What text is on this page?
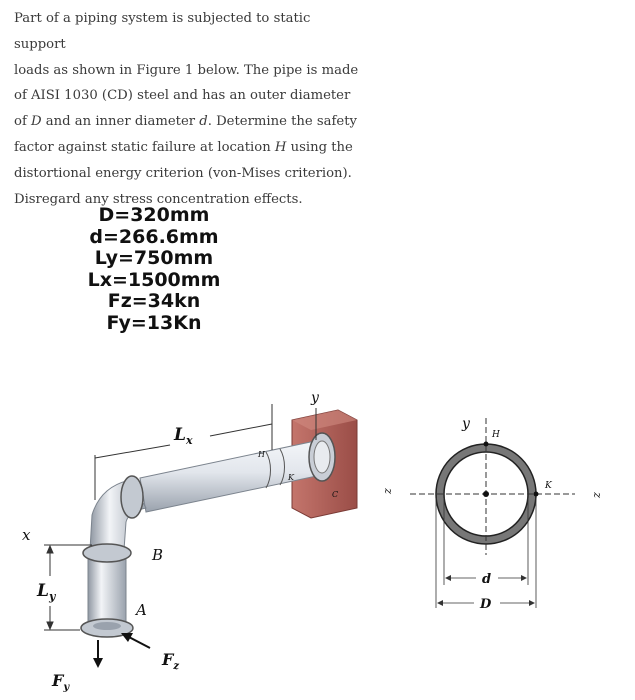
Part of a piping system is subjected to static support
loads as shown in Figure 1 below. The pipe is made
of AISI 1030 (CD) steel and has an outer diameter
of D and an inner diameter d. Determine the safety
factor against static failure at location H using the
distortional energy criterion (von-Mises criterion).
Disregard any stress concentration effects.
D=320mm
d=266.6mm
Ly=750mm
Lx=1500mm
Fz=34kn
Fy=13Kn
x
y
z
$L_x$
$L_y$
B
A
H
K
C
$F_z$
$F_y$
y
H
K
z
d
D
